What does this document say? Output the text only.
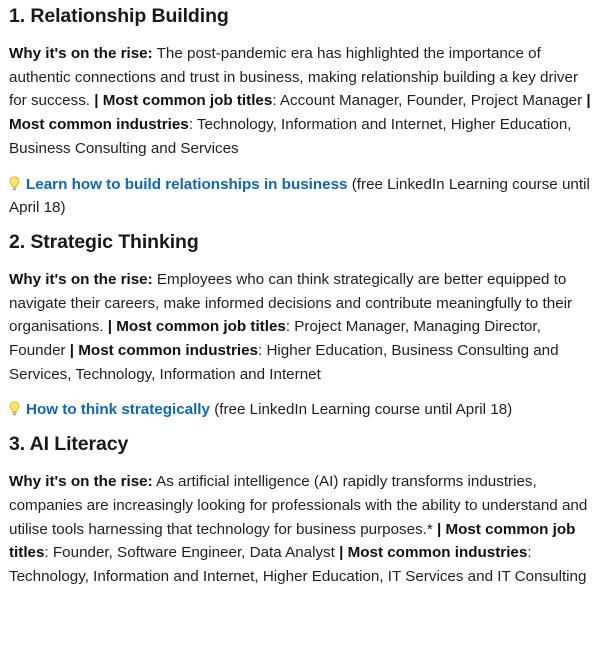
1. Relationship Building

Why it's on the rise: The post-pandemic era has highlighted the importance of authentic connections and trust in business, making relationship building a key driver for success. | Most common job titles: Account Manager, Founder, Project Manager | Most common industries: Technology, Information and Internet, Higher Education, Business Consulting and Services

Learn how to build relationships in business (free LinkedIn Learning course until April 18)

2. Strategic Thinking

Why it's on the rise: Employees who can think strategically are better equipped to navigate their careers, make informed decisions and contribute meaningfully to their organisations. | Most common job titles: Project Manager, Managing Director, Founder | Most common industries: Higher Education, Business Consulting and Services, Technology, Information and Internet

How to think strategically (free LinkedIn Learning course until April 18)

3. AI Literacy

Why it's on the rise: As artificial intelligence (AI) rapidly transforms industries, companies are increasingly looking for professionals with the ability to understand and utilise tools harnessing that technology for business purposes.* | Most common job titles: Founder, Software Engineer, Data Analyst | Most common industries: Technology, Information and Internet, Higher Education, IT Services and IT Consulting
